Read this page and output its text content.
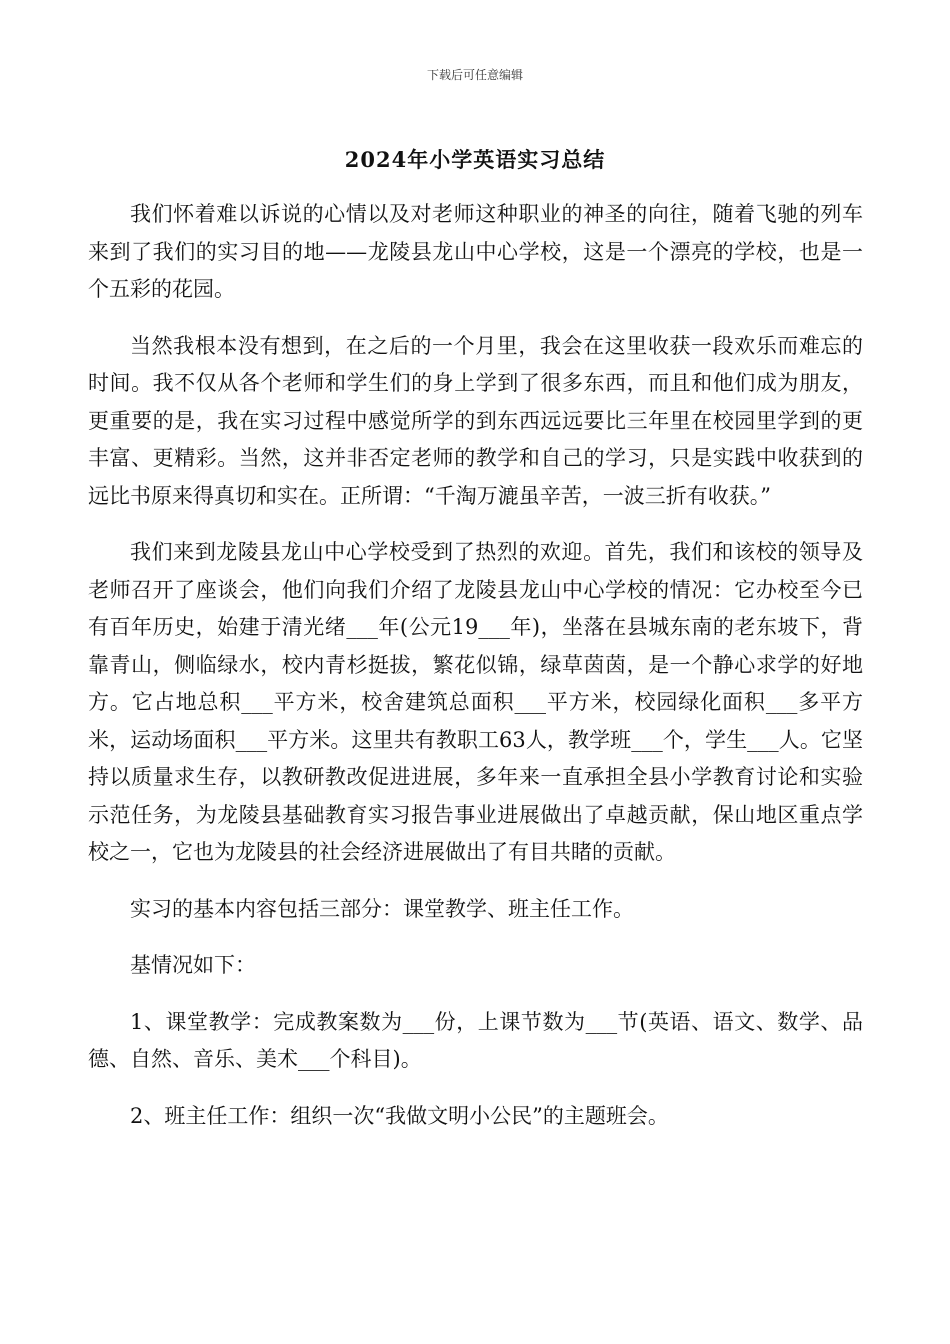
下载后可任意编辑
2024年小学英语实习总结

我们怀着难以诉说的心情以及对老师这种职业的神圣的向往，随着飞驰的列车来到了我们的实习目的地——龙陵县龙山中心学校，这是一个漂亮的学校，也是一个五彩的花园。

当然我根本没有想到，在之后的一个月里，我会在这里收获一段欢乐而难忘的时间。我不仅从各个老师和学生们的身上学到了很多东西，而且和他们成为朋友，更重要的是，我在实习过程中感觉所学的到东西远远要比三年里在校园里学到的更丰富、更精彩。当然，这并非否定老师的教学和自己的学习，只是实践中收获到的远比书原来得真切和实在。正所谓：“千淘万漉虽辛苦，一波三折有收获。”

我们来到龙陵县龙山中心学校受到了热烈的欢迎。首先，我们和该校的领导及老师召开了座谈会，他们向我们介绍了龙陵县龙山中心学校的情况：它办校至今已有百年历史，始建于清光绪___年(公元19___年)，坐落在县城东南的老东坡下，背靠青山，侧临绿水，校内青杉挺拔，繁花似锦，绿草茵茵，是一个静心求学的好地方。它占地总积___平方米，校舍建筑总面积___平方米，校园绿化面积___多平方米，运动场面积___平方米。这里共有教职工63人，教学班___个，学生___人。它坚持以质量求生存，以教研教改促进进展，多年来一直承担全县小学教育讨论和实验示范任务，为龙陵县基础教育实习报告事业进展做出了卓越贡献，保山地区重点学校之一，它也为龙陵县的社会经济进展做出了有目共睹的贡献。

实习的基本内容包括三部分：课堂教学、班主任工作。

基情况如下：

1、课堂教学：完成教案数为___份，上课节数为___节(英语、语文、数学、品德、自然、音乐、美术___个科目)。

2、班主任工作：组织一次“我做文明小公民”的主题班会。
